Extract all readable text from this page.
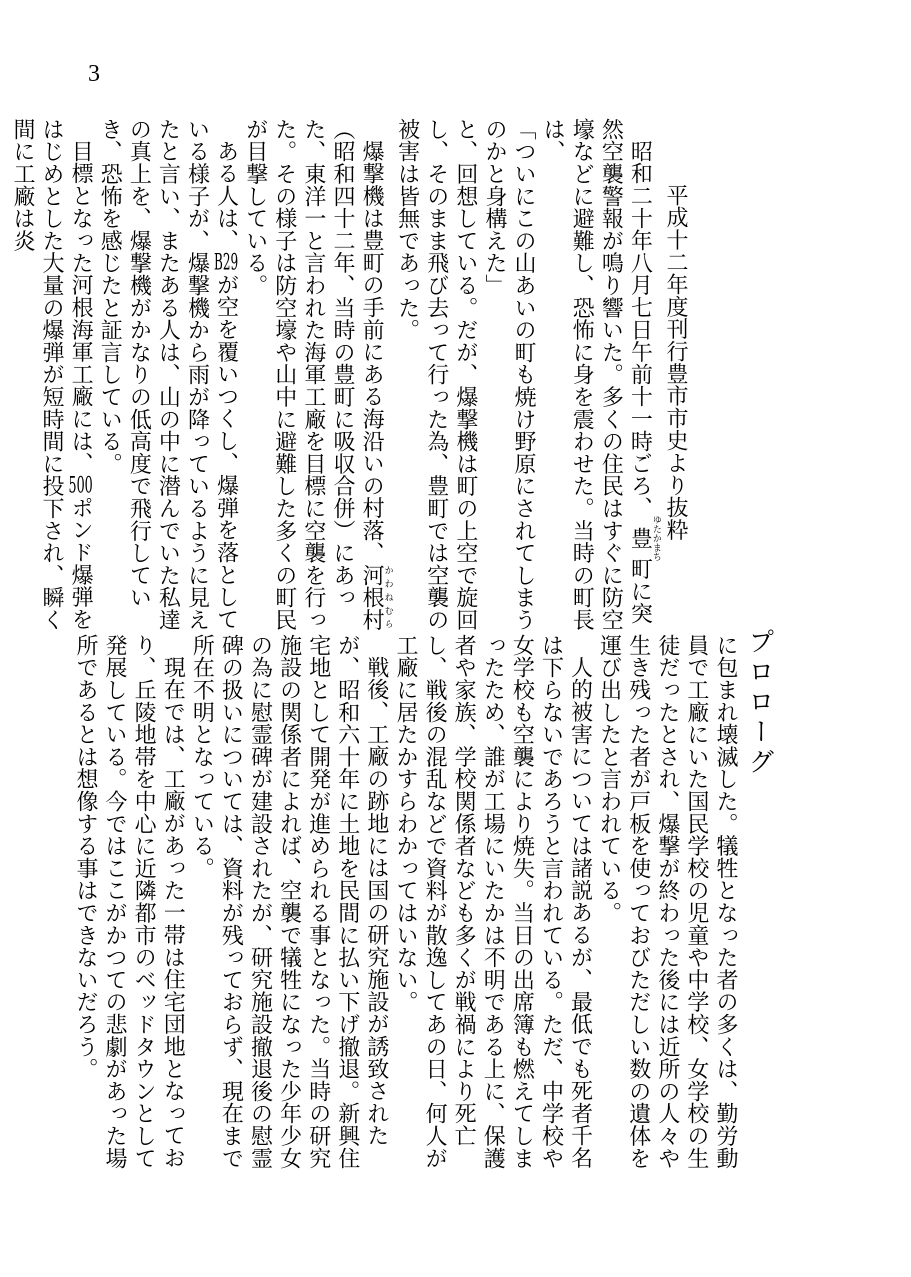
3
プロローグ
平成十二年度刊行豊市市史より抜粋
昭和二十年八月七日午前十一時ごろ、豊ゆたかまち町に突然空襲警報が鳴り響いた。多くの住民はすぐに防空壕などに避難し、恐怖に身を震わせた。当時の町長は、
「ついにこの山あいの町も焼け野原にされてしまうのかと身構えた」
と、回想している。だが、爆撃機は町の上空で旋回し、そのまま飛び去って行った為、豊町では空襲の被害は皆無であった。
爆撃機は豊町の手前にある海沿いの村落、河根村かわねむら（昭和四十二年、当時の豊町に吸収合併）にあった、東洋一と言われた海軍工廠を目標に空襲を行った。その様子は防空壕や山中に避難した多くの町民が目撃している。
ある人は、B29が空を覆いつくし、爆弾を落としている様子が、爆撃機から雨が降っているように見えたと言い、またある人は、山の中に潜んでいた私達の真上を、爆撃機がかなりの低高度で飛行していき、恐怖を感じたと証言している。
目標となった河根海軍工廠には、500ポンド爆弾をはじめとした大量の爆弾が短時間に投下され、瞬く間に工廠は炎
に包まれ壊滅した。犠牲となった者の多くは、勤労動員で工廠にいた国民学校の児童や中学校、女学校の生徒だったとされ、爆撃が終わった後には近所の人々や生き残った者が戸板を使っておびただしい数の遺体を運び出したと言われている。
人的被害については諸説あるが、最低でも死者千名は下らないであろうと言われている。ただ、中学校や女学校も空襲により焼失。当日の出席簿も燃えてしまったため、誰が工場にいたかは不明である上に、保護者や家族、学校関係者なども多くが戦禍により死亡し、戦後の混乱などで資料が散逸してあの日、何人が工廠に居たかすらわかってはいない。
戦後、工廠の跡地には国の研究施設が誘致されたが、昭和六十年に土地を民間に払い下げ撤退。新興住宅地として開発が進められる事となった。当時の研究施設の関係者によれば、空襲で犠牲になった少年少女の為に慰霊碑が建設されたが、研究施設撤退後の慰霊碑の扱いについては、資料が残っておらず、現在まで所在不明となっている。
現在では、工廠があった一帯は住宅団地となっており、丘陵地帯を中心に近隣都市のベッドタウンとして発展している。今ではここがかつての悲劇があった場所であるとは想像する事はできないだろう。
